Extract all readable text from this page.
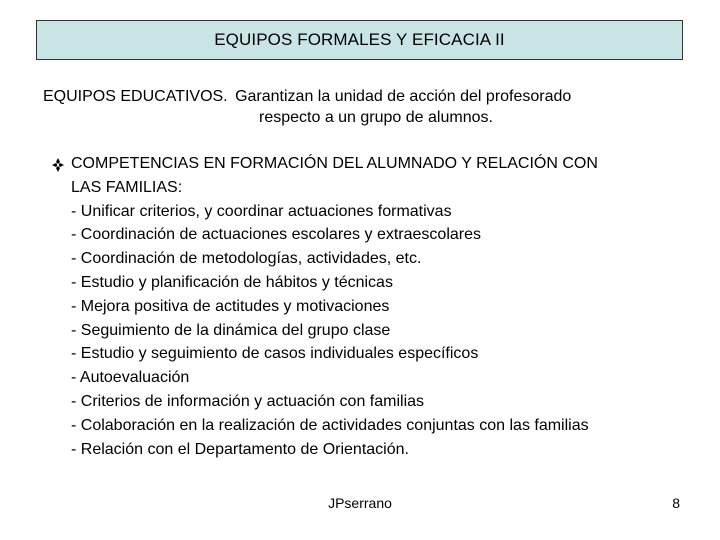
EQUIPOS FORMALES Y EFICACIA II
EQUIPOS EDUCATIVOS. Garantizan la unidad de acción del profesorado
respecto a un grupo de alumnos.
COMPETENCIAS EN FORMACIÓN DEL ALUMNADO Y RELACIÓN CON
LAS FAMILIAS:
- Unificar criterios, y coordinar actuaciones formativas
- Coordinación de actuaciones escolares y extraescolares
- Coordinación de metodologías, actividades, etc.
- Estudio y planificación de hábitos y técnicas
- Mejora positiva de actitudes y motivaciones
- Seguimiento de la dinámica del grupo clase
- Estudio y seguimiento de casos individuales específicos
- Autoevaluación
- Criterios de información y actuación con familias
- Colaboración en la realización de actividades conjuntas con las familias
- Relación con el Departamento de Orientación.
JPserrano	8
